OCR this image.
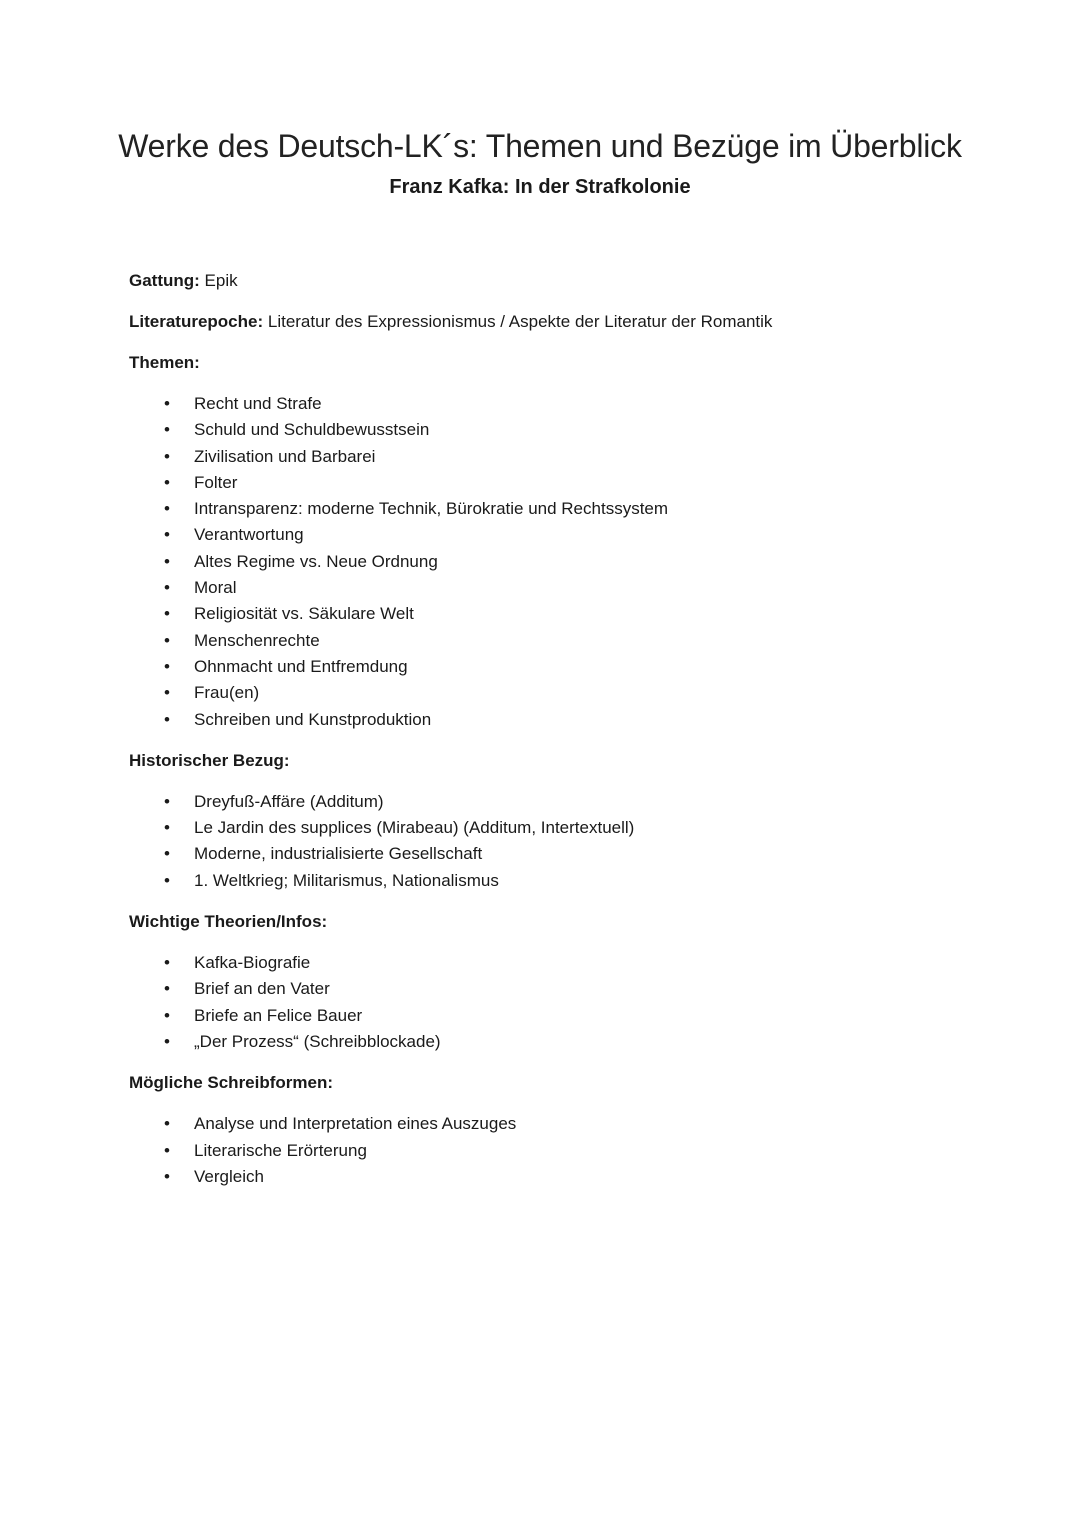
Werke des Deutsch-LK´s: Themen und Bezüge im Überblick
Franz Kafka: In der Strafkolonie

Gattung: Epik

Literaturepoche: Literatur des Expressionismus / Aspekte der Literatur der Romantik

Themen:

• Recht und Strafe
• Schuld und Schuldbewusstsein
• Zivilisation und Barbarei
• Folter
• Intransparenz: moderne Technik, Bürokratie und Rechtssystem
• Verantwortung
• Altes Regime vs. Neue Ordnung
• Moral
• Religiosität vs. Säkulare Welt
• Menschenrechte
• Ohnmacht und Entfremdung
• Frau(en)
• Schreiben und Kunstproduktion

Historischer Bezug:

• Dreyfuß-Affäre (Additum)
• Le Jardin des supplices (Mirabeau) (Additum, Intertextuell)
• Moderne, industrialisierte Gesellschaft
• 1. Weltkrieg; Militarismus, Nationalismus

Wichtige Theorien/Infos:

• Kafka-Biografie
• Brief an den Vater
• Briefe an Felice Bauer
• „Der Prozess“ (Schreibblockade)

Mögliche Schreibformen:

• Analyse und Interpretation eines Auszuges
• Literarische Erörterung
• Vergleich
